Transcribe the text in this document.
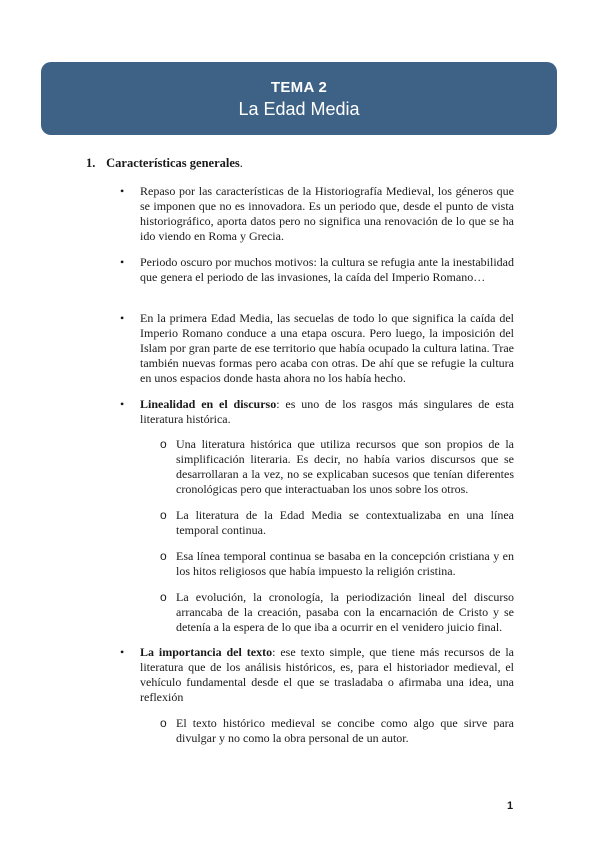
TEMA 2
La Edad Media
1. Características generales.
• Repaso por las características de la Historiografía Medieval, los géneros que se imponen que no es innovadora. Es un periodo que, desde el punto de vista historiográfico, aporta datos pero no significa una renovación de lo que se ha ido viendo en Roma y Grecia.
• Periodo oscuro por muchos motivos: la cultura se refugia ante la inestabilidad que genera el periodo de las invasiones, la caída del Imperio Romano…
• En la primera Edad Media, las secuelas de todo lo que significa la caída del Imperio Romano conduce a una etapa oscura. Pero luego, la imposición del Islam por gran parte de ese territorio que había ocupado la cultura latina. Trae también nuevas formas pero acaba con otras. De ahí que se refugie la cultura en unos espacios donde hasta ahora no los había hecho.
• Linealidad en el discurso: es uno de los rasgos más singulares de esta literatura histórica.
o Una literatura histórica que utiliza recursos que son propios de la simplificación literaria. Es decir, no había varios discursos que se desarrollaran a la vez, no se explicaban sucesos que tenían diferentes cronológicas pero que interactuaban los unos sobre los otros.
o La literatura de la Edad Media se contextualizaba en una línea temporal continua.
o Esa línea temporal continua se basaba en la concepción cristiana y en los hitos religiosos que había impuesto la religión cristina.
o La evolución, la cronología, la periodización lineal del discurso arrancaba de la creación, pasaba con la encarnación de Cristo y se detenía a la espera de lo que iba a ocurrir en el venidero juicio final.
• La importancia del texto: ese texto simple, que tiene más recursos de la literatura que de los análisis históricos, es, para el historiador medieval, el vehículo fundamental desde el que se trasladaba o afirmaba una idea, una reflexión
o El texto histórico medieval se concibe como algo que sirve para divulgar y no como la obra personal de un autor.
1
